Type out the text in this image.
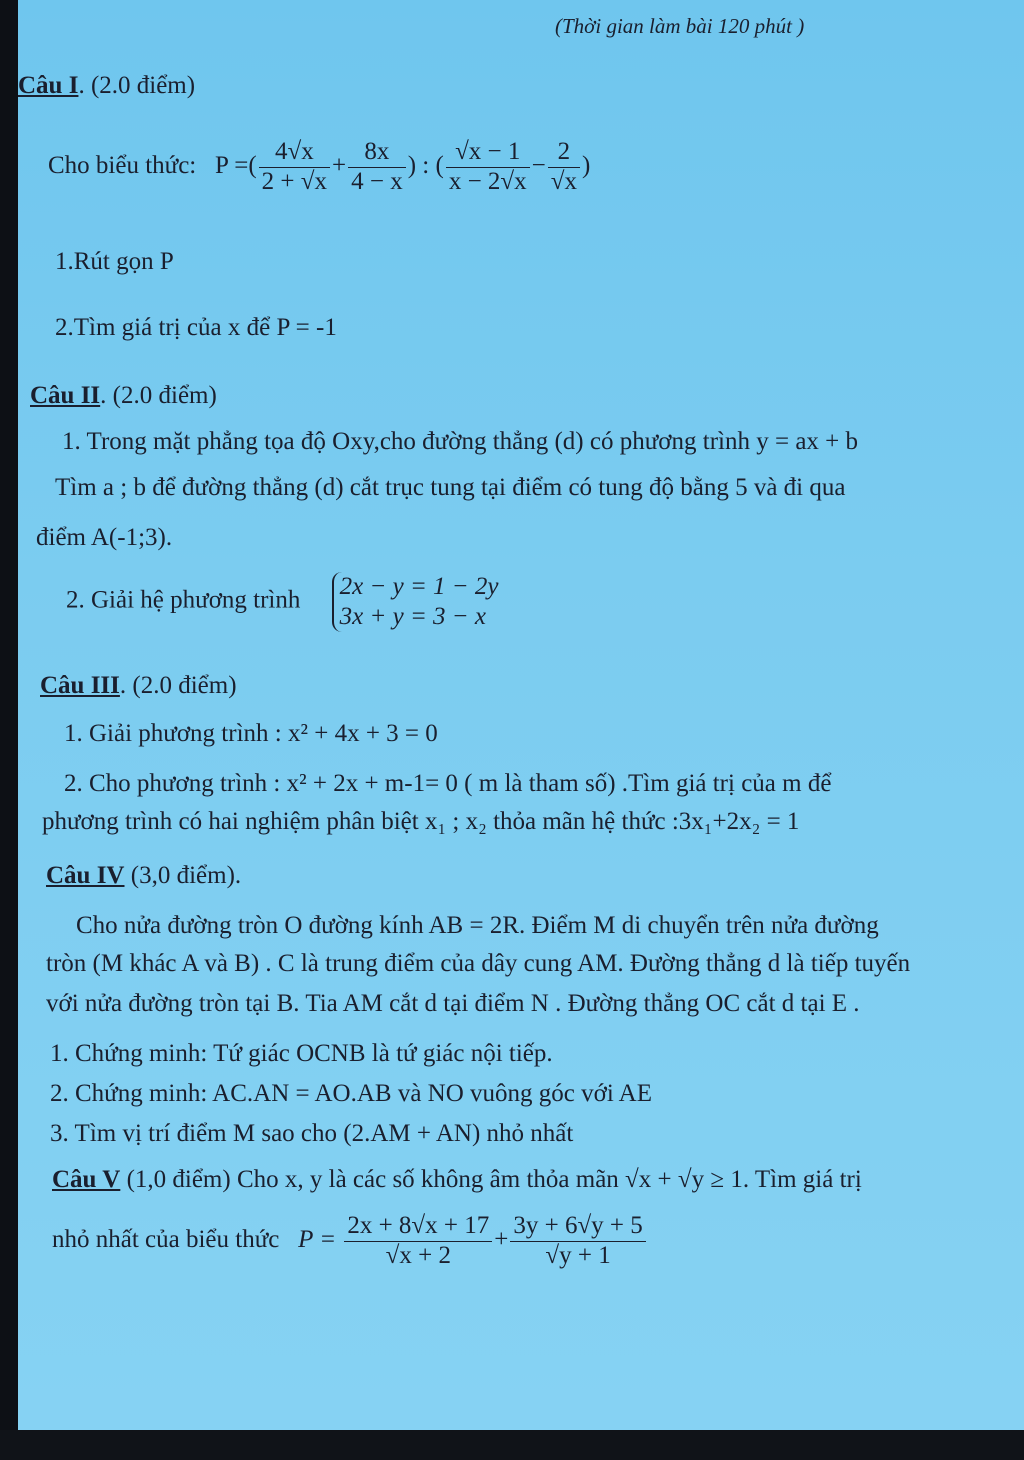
(Thời gian làm bài 120 phút )
Câu I. (2.0 điểm)
Cho biểu thức: P =( $\frac{4√x}{2 + √x} + \frac{8x}{4 - x}$ ) : ( $\frac{√x - 1}{x - 2√x} - \frac{2}{√x}$ )
1.Rút gọn P
2.Tìm giá trị của x để P = -1
Câu II. (2.0 điểm)
1. Trong mặt phẳng tọa độ Oxy,cho đường thẳng (d) có phương trình y = ax + b
Tìm a ; b để đường thẳng (d) cắt trục tung tại điểm có tung độ bằng 5 và đi qua
điểm A(-1;3).
2. Giải hệ phương trình
2x − y = 1 − 2y
3x + y = 3 − x
Câu III. (2.0 điểm)
1. Giải phương trình : x² + 4x + 3 = 0
2. Cho phương trình : x² + 2x + m-1= 0 ( m là tham số) .Tìm giá trị của m để
phương trình có hai nghiệm phân biệt x₁ ; x₂ thỏa mãn hệ thức :3x₁+2x₂ = 1
Câu IV (3,0 điểm).
Cho nửa đường tròn O đường kính AB = 2R. Điểm M di chuyển trên nửa đường
tròn (M khác A và B) . C là trung điểm của dây cung AM. Đường thẳng d là tiếp tuyến
với nửa đường tròn tại B. Tia AM cắt d tại điểm N . Đường thẳng OC cắt d tại E .
1. Chứng minh: Tứ giác OCNB là tứ giác nội tiếp.
2. Chứng minh: AC.AN = AO.AB và NO vuông góc với AE
3. Tìm vị trí điểm M sao cho (2.AM + AN) nhỏ nhất
Câu V (1,0 điểm) Cho x, y là các số không âm thỏa mãn √x + √y ≥ 1. Tìm giá trị
nhỏ nhất của biểu thức $P = \frac{2x + 8√x + 17}{√x + 2} + \frac{3y + 6√y + 5}{√y + 1}$
